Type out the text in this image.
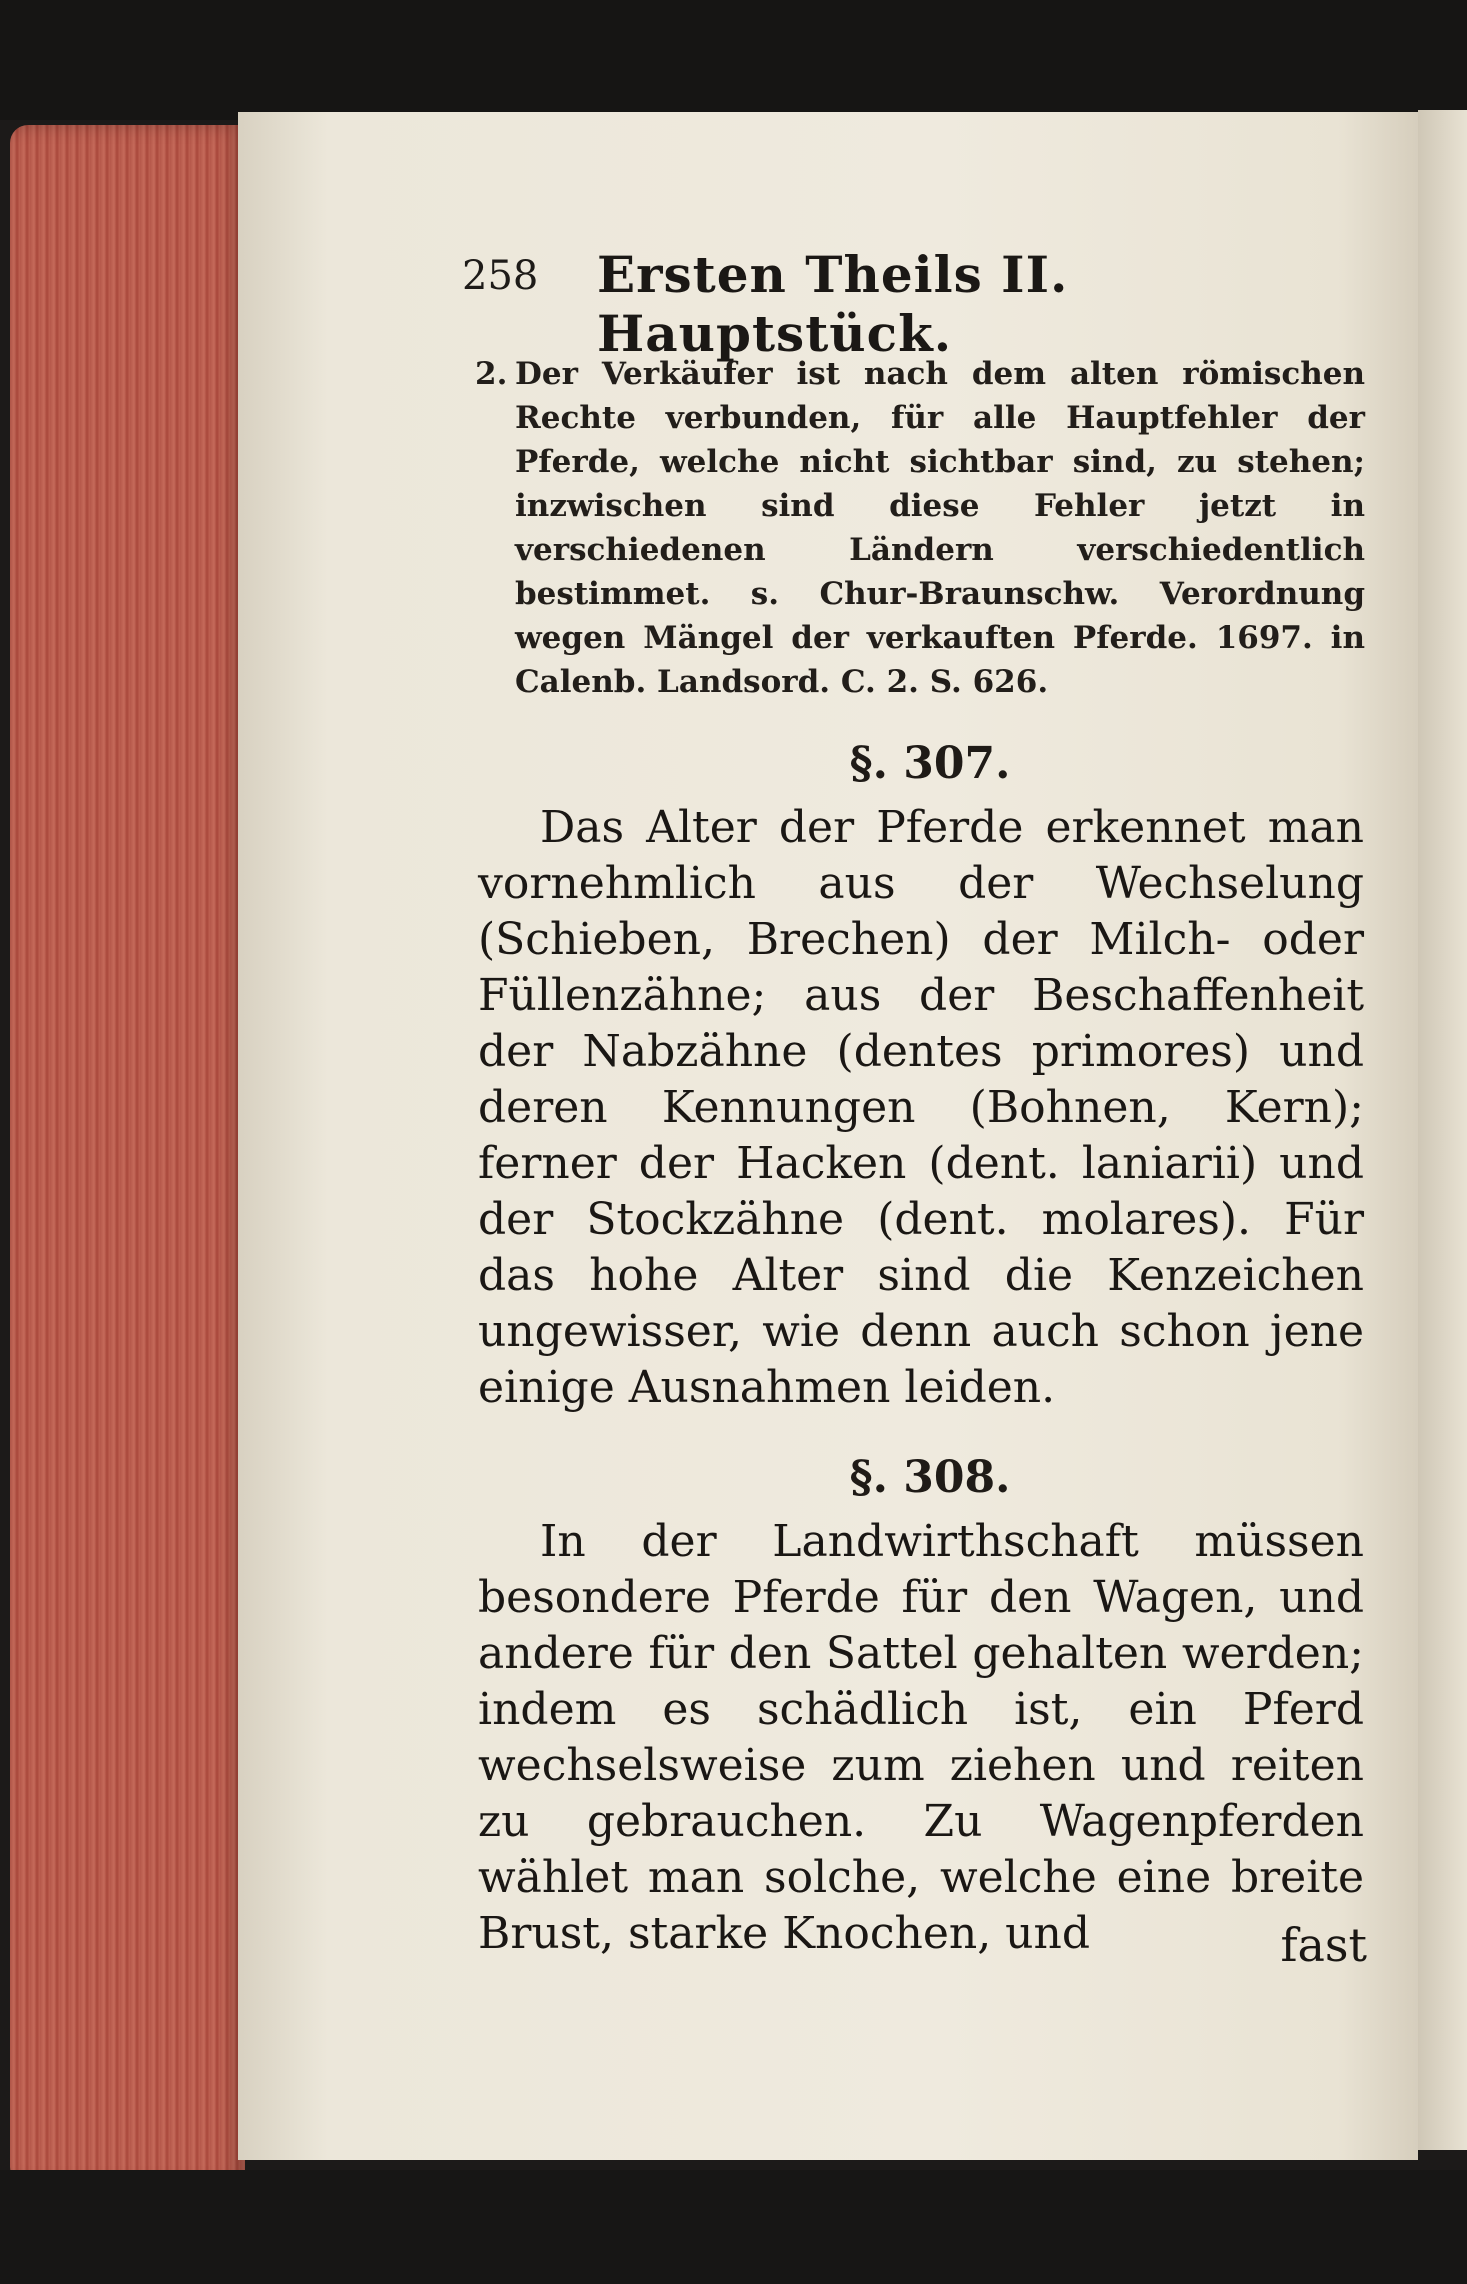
258 Ersten Theils II. Hauptstück.
2. Der Verkäufer ist nach dem alten römischen Rechte verbunden, für alle Hauptfehler der Pferde, welche nicht sichtbar sind, zu stehen; inzwischen sind diese Fehler jetzt in verschiedenen Ländern verschiedentlich bestimmet. s. Chur-Braunschw. Verordnung wegen Mängel der verkauften Pferde. 1697. in Calenb. Landsord. C. 2. S. 626.
§. 307.

Das Alter der Pferde erkennet man vornehmlich aus der Wechselung (Schieben, Brechen) der Milch- oder Füllenzähne; aus der Beschaffenheit der Nabzähne (dentes primores) und deren Kennungen (Bohnen, Kern); ferner der Hacken (dent. laniarii) und der Stockzähne (dent. molares). Für das hohe Alter sind die Kenzeichen ungewisser, wie denn auch schon jene einige Ausnahmen leiden.

§. 308.

In der Landwirthschaft müssen besondere Pferde für den Wagen, und andere für den Sattel gehalten werden; indem es schädlich ist, ein Pferd wechselsweise zum ziehen und reiten zu gebrauchen. Zu Wagenpferden wählet man solche, welche eine breite Brust, starke Knochen, und	fast
